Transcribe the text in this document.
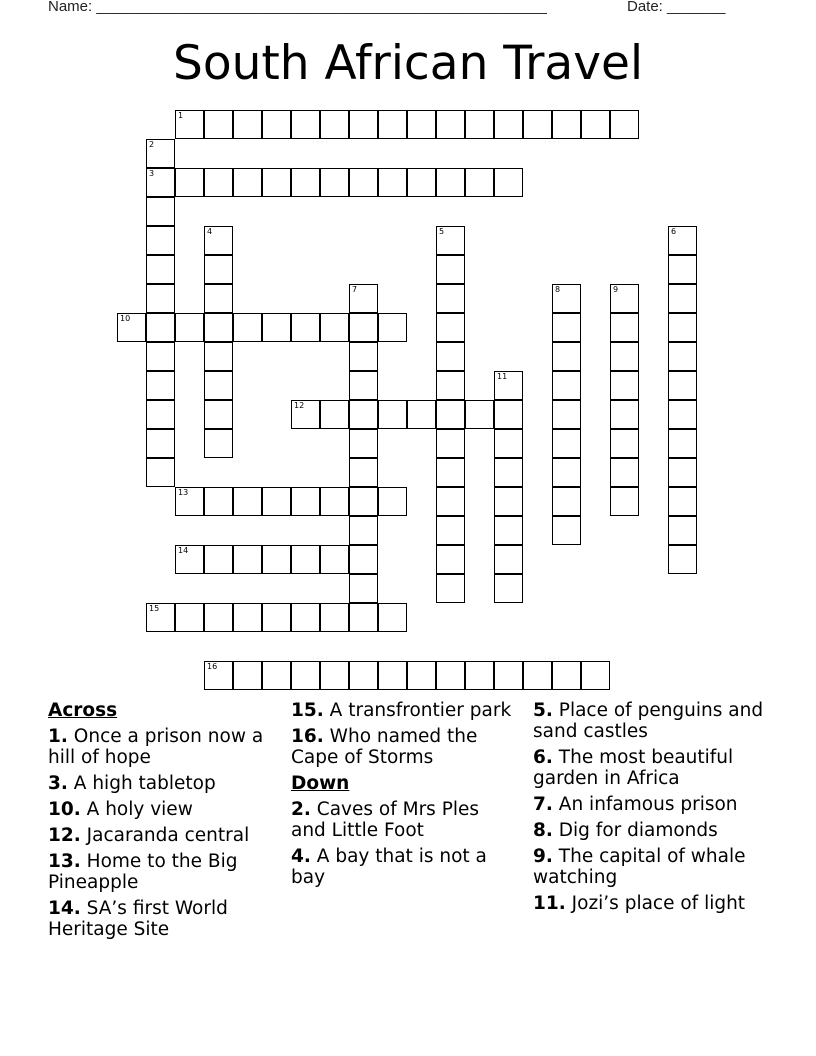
Name: ______________________________________________________	Date: _______
South African Travel
1
2
3
4	5	6
7	8	9
10
11
12
13
14
15
16
Across
1. Once a prison now a hill of hope
3. A high tabletop
10. A holy view
12. Jacaranda central
13. Home to the Big Pineapple
14. SA’s first World Heritage Site
15. A transfrontier park
16. Who named the Cape of Storms
Down
2. Caves of Mrs Ples and Little Foot
4. A bay that is not a bay
5. Place of penguins and sand castles
6. The most beautiful garden in Africa
7. An infamous prison
8. Dig for diamonds
9. The capital of whale watching
11. Jozi’s place of light
